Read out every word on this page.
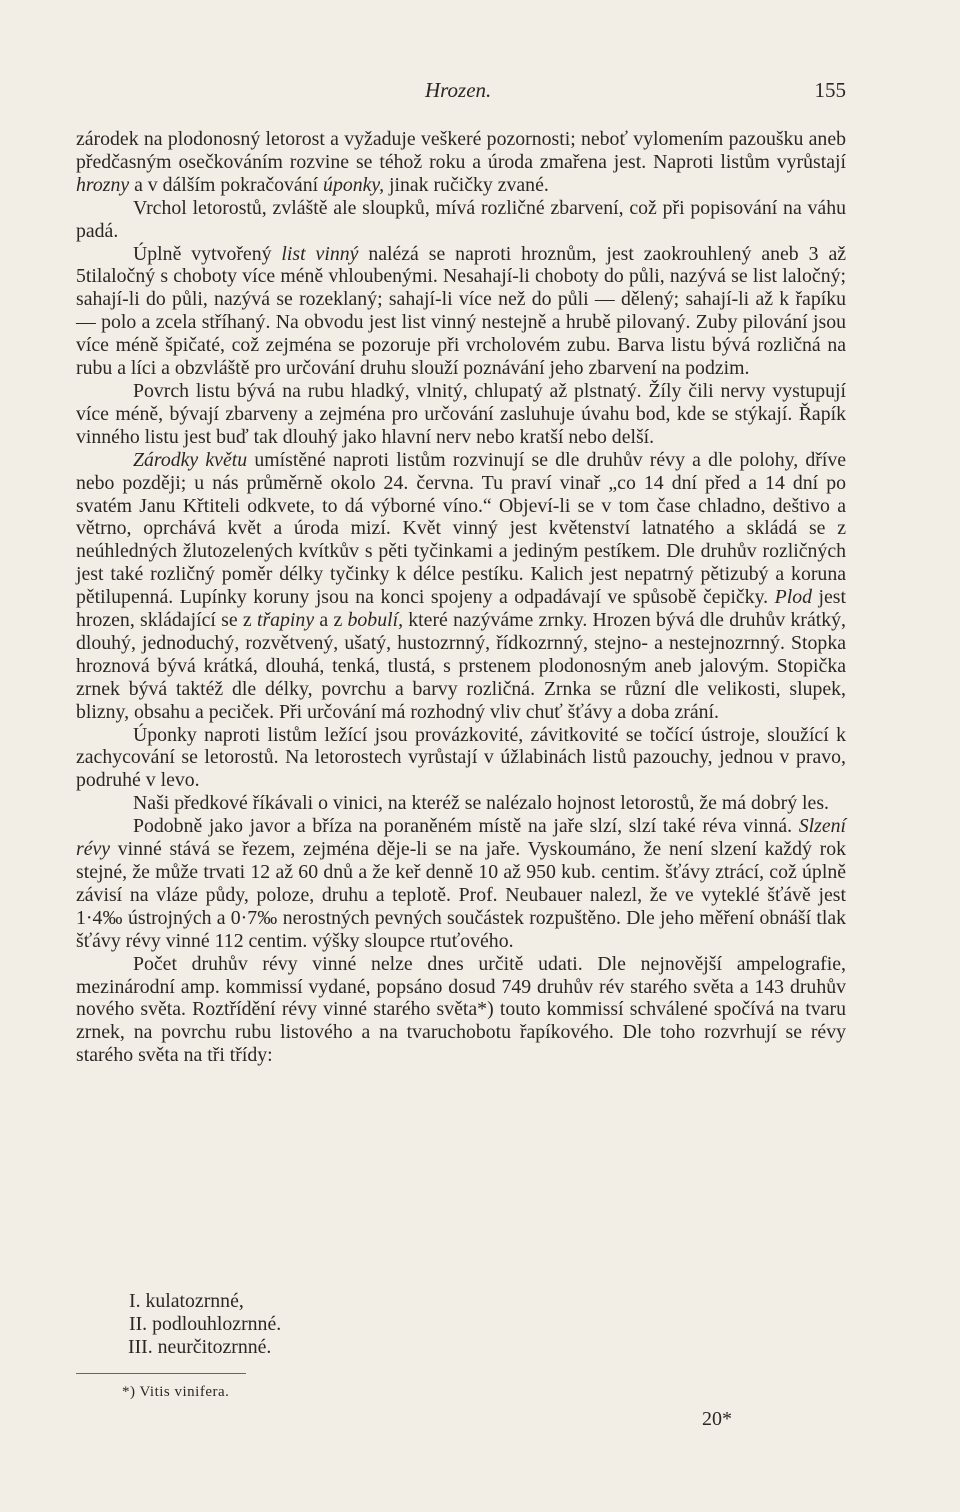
Hrozen.	155

zárodek na plodonosný letorost a vyžaduje veškeré pozornosti; neboť vylomením pazoušku aneb předčasným osečkováním rozvine se téhož roku a úroda zmařena jest. Naproti listům vyrůstají hrozny a v dálším pokračování úponky, jinak ručičky zvané.

Vrchol letorostů, zvláště ale sloupků, mívá rozličné zbarvení, což při popisování na váhu padá.

Úplně vytvořený list vinný nalézá se naproti hroznům, jest zaokrouhlený aneb 3 až 5tilaločný s choboty více méně vhloubenými. Nesahají-li choboty do půli, nazývá se list laločný; sahají-li do půli, nazývá se rozeklaný; sahají-li více než do půli — dělený; sahají-li až k řapíku — polo a zcela stříhaný. Na obvodu jest list vinný nestejně a hrubě pilovaný. Zuby pilování jsou více méně špičaté, což zejména se pozoruje při vrcholovém zubu. Barva listu bývá rozličná na rubu a líci a obzvláště pro určování druhu slouží poznávání jeho zbarvení na podzim.

Povrch listu bývá na rubu hladký, vlnitý, chlupatý až plstnatý. Žíly čili nervy vystupují více méně, bývají zbarveny a zejména pro určování zasluhuje úvahu bod, kde se stýkají. Řapík vinného listu jest buď tak dlouhý jako hlavní nerv nebo kratší nebo delší.

Zárodky květu umístěné naproti listům rozvinují se dle druhův révy a dle polohy, dříve nebo později; u nás průměrně okolo 24. června. Tu praví vinař „co 14 dní před a 14 dní po svatém Janu Křtiteli odkvete, to dá výborné víno.“ Objeví-li se v tom čase chladno, deštivo a větrno, oprchává květ a úroda mizí. Květ vinný jest květenství latnatého a skládá se z neúhledných žlutozelených kvítkův s pěti tyčinkami a jediným pestíkem. Dle druhův rozličných jest také rozličný poměr délky tyčinky k délce pestíku. Kalich jest nepatrný pětizubý a koruna pětilupenná. Lupínky koruny jsou na konci spojeny a odpadávají ve spůsobě čepičky. Plod jest hrozen, skládající se z třapiny a z bobulí, které nazýváme zrnky. Hrozen bývá dle druhův krátký, dlouhý, jednoduchý, rozvětvený, ušatý, hustozrnný, řídkozrnný, stejno- a nestejnozrnný. Stopka hroznová bývá krátká, dlouhá, tenká, tlustá, s prstenem plodonosným aneb jalovým. Stopička zrnek bývá taktéž dle délky, povrchu a barvy rozličná. Zrnka se různí dle velikosti, slupek, blizny, obsahu a peciček. Při určování má rozhodný vliv chuť šťávy a doba zrání.

Úponky naproti listům ležící jsou provázkovité, závitkovité se točící ústroje, sloužící k zachycování se letorostů. Na letorostech vyrůstají v úžlabinách listů pazouchy, jednou v pravo, podruhé v levo.

Naši předkové říkávali o vinici, na kteréž se nalézalo hojnost letorostů, že má dobrý les.

Podobně jako javor a bříza na poraněném místě na jaře slzí, slzí také réva vinná. Slzení révy vinné stává se řezem, zejména děje-li se na jaře. Vyskoumáno, že není slzení každý rok stejné, že může trvati 12 až 60 dnů a že keř denně 10 až 950 kub. centim. šťávy ztrácí, což úplně závisí na vláze půdy, poloze, druhu a teplotě. Prof. Neubauer nalezl, že ve vyteklé šťávě jest 1·4‰ ústrojných a 0·7‰ nerostných pevných součástek rozpuštěno. Dle jeho měření obnáší tlak šťávy révy vinné 112 centim. výšky sloupce rtuťového.

Počet druhův révy vinné nelze dnes určitě udati. Dle nejnovější ampelografie, mezinárodní amp. kommissí vydané, popsáno dosud 749 druhův rév starého světa a 143 druhův nového světa. Roztřídění révy vinné starého světa*) touto kommissí schválené spočívá na tvaru zrnek, na povrchu rubu listového a na tvaruchobotu řapíkového. Dle toho rozvrhují se révy starého světa na tři třídy:

I. kulatozrnné,
II. podlouhlozrnné.
III. neurčitozrnné.
*) Vitis vinifera.
20*
